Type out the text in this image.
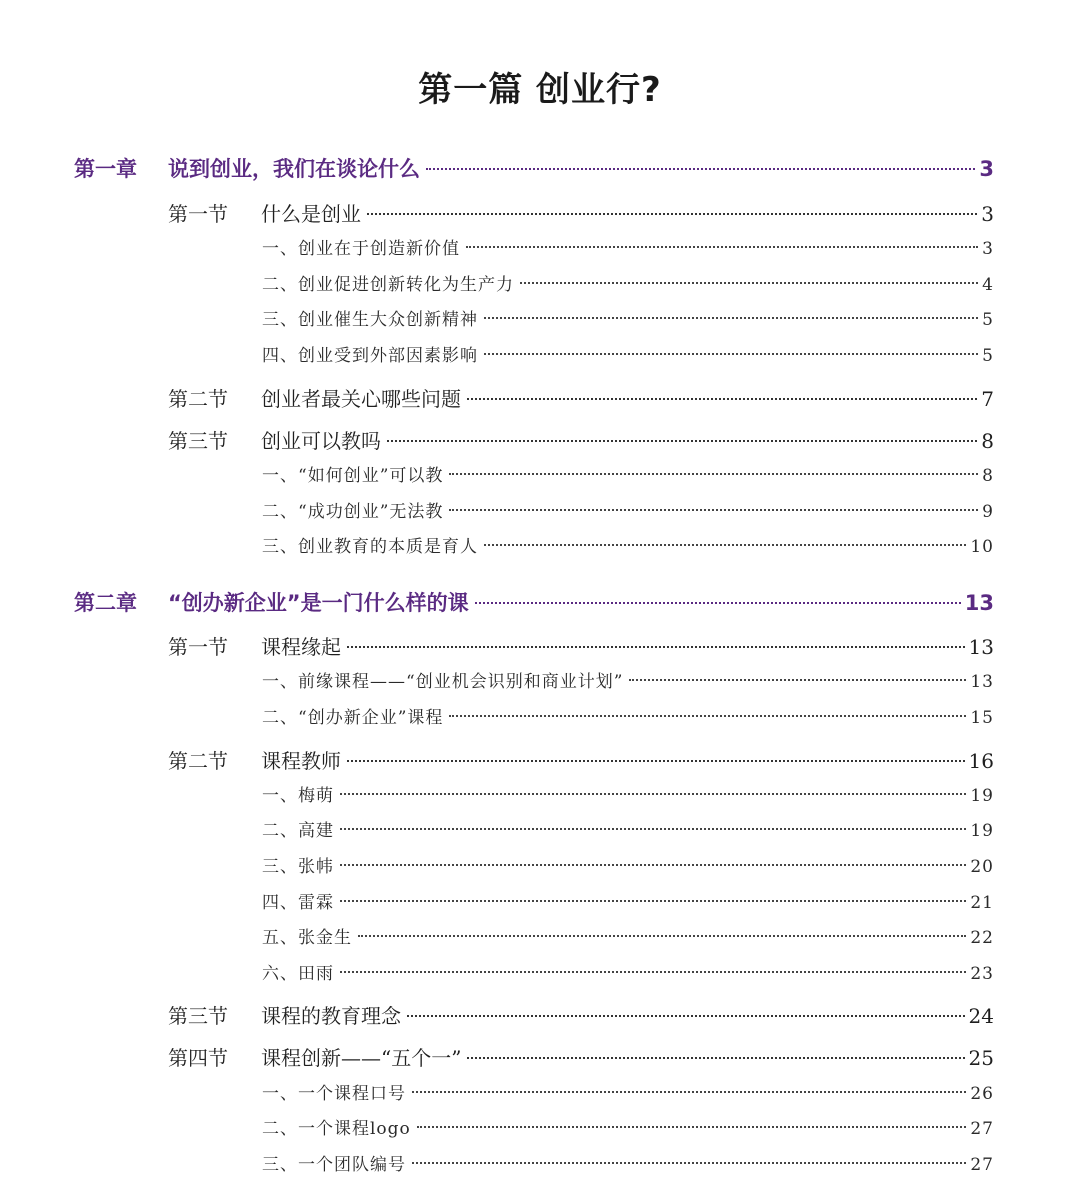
第一篇 创业行?
第一章	说到创业，我们在谈论什么	3
第一节	什么是创业	3
一、创业在于创造新价值	3
二、创业促进创新转化为生产力	4
三、创业催生大众创新精神	5
四、创业受到外部因素影响	5
第二节	创业者最关心哪些问题	7
第三节	创业可以教吗	8
一、“如何创业”可以教	8
二、“成功创业”无法教	9
三、创业教育的本质是育人	10
第二章	“创办新企业”是一门什么样的课	13
第一节	课程缘起	13
一、前缘课程——“创业机会识别和商业计划”	13
二、“创办新企业”课程	15
第二节	课程教师	16
一、梅萌	19
二、高建	19
三、张帏	20
四、雷霖	21
五、张金生	22
六、田雨	23
第三节	课程的教育理念	24
第四节	课程创新——“五个一”	25
一、一个课程口号	26
二、一个课程logo	27
三、一个团队编号	27
